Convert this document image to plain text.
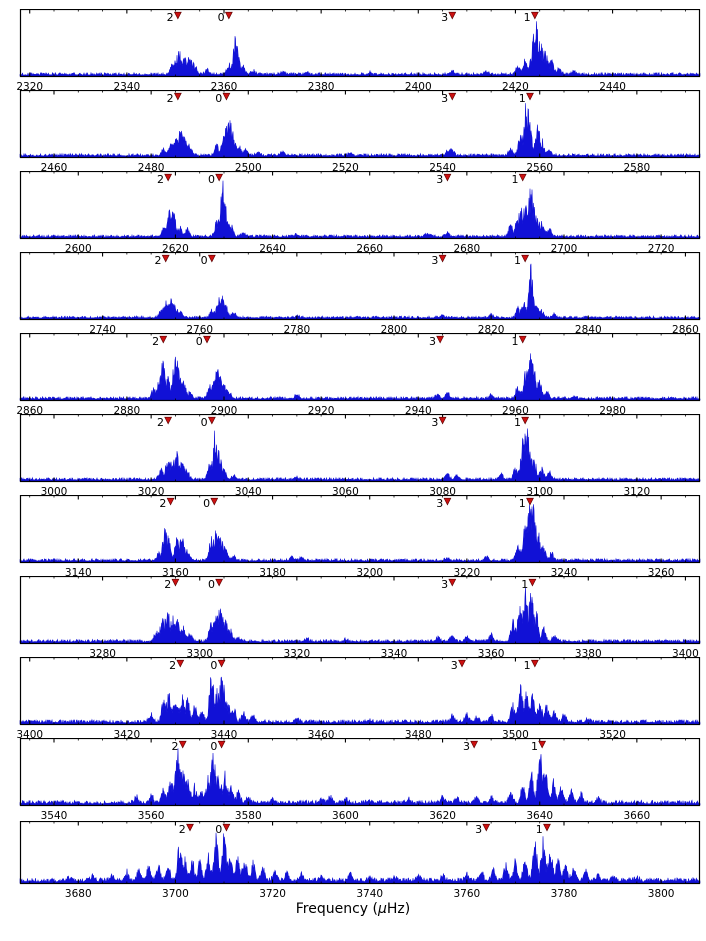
2320	2340	2360	2380	2400	2420	2440
2	0	3	1
2460	2480	2500	2520	2540	2560	2580
2	0	3	1
2600	2620	2640	2660	2680	2700	2720
2	0	3	1
2740	2760	2780	2800	2820	2840	2860
2	0	3	1
2860	2880	2900	2920	2940	2960	2980
2	0	3	1
3000	3020	3040	3060	3080	3100	3120
2	0	3	1
3140	3160	3180	3200	3220	3240	3260
2	0	3	1
3280	3300	3320	3340	3360	3380	3400
2	0	3	1
3400	3420	3440	3460	3480	3500	3520
2	0	3	1
3540	3560	3580	3600	3620	3640	3660
2	0	3	1
3680	3700	3720	3740	3760	3780	3800
2	0	3	1
Frequency (μHz)
